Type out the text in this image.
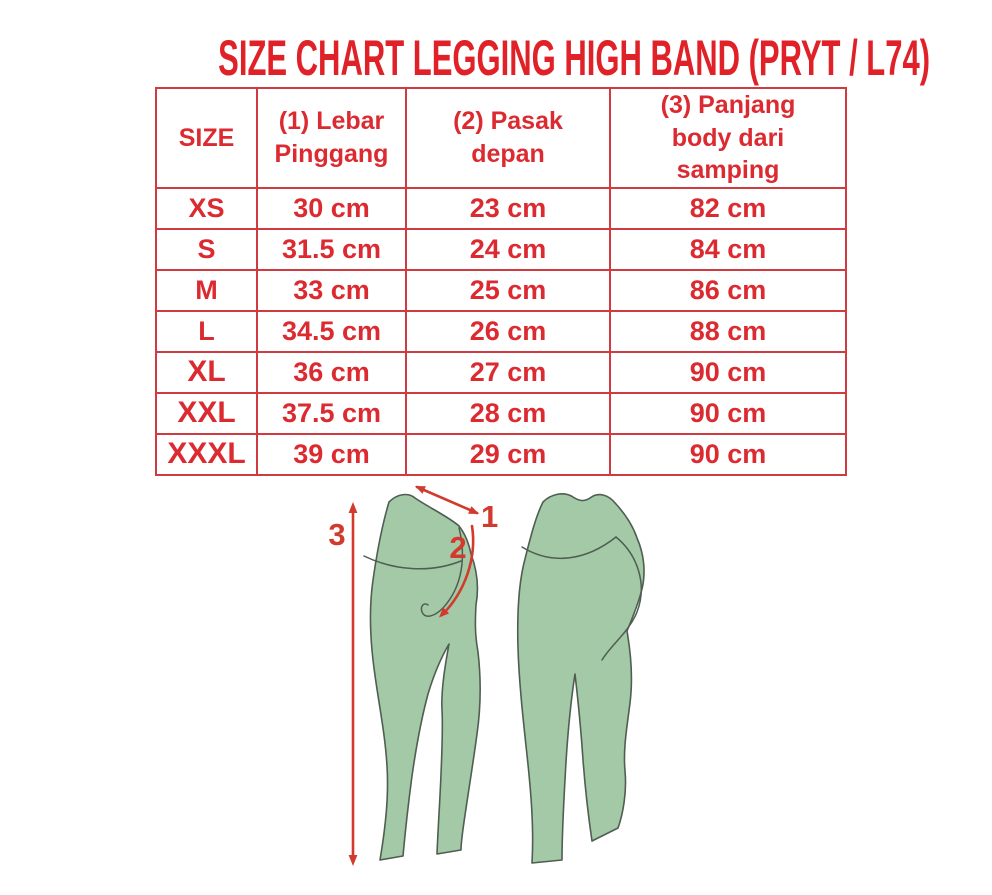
SIZE CHART LEGGING HIGH BAND (PRYT / L74)
SIZE	(1) Lebar Pinggang	(2) Pasak depan	(3) Panjang body dari samping
XS	30 cm	23 cm	82 cm
S	31.5 cm	24 cm	84 cm
M	33 cm	25 cm	86 cm
L	34.5 cm	26 cm	88 cm
XL	36 cm	27 cm	90 cm
XXL	37.5 cm	28 cm	90 cm
XXXL	39 cm	29 cm	90 cm
1
2
3
